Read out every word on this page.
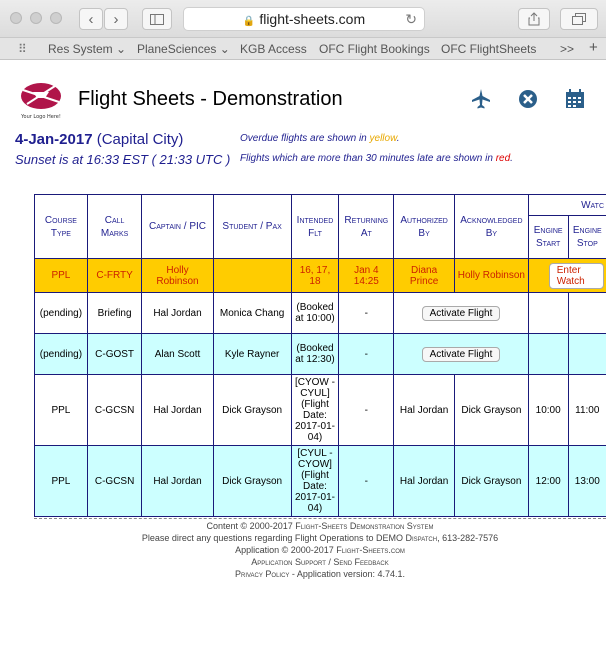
‹	›	🔒 flight-sheets.com	↻
⠿ Res System ⌄ PlaneSciences ⌄ KGB Access OFC Flight Bookings OFC FlightSheets >> +
Your Logo Here!
Flight Sheets - Demonstration
4-Jan-2017 (Capital City)
Sunset is at 16:33 EST ( 21:33 UTC )
Overdue flights are shown in yellow.
Flights which are more than 30 minutes late are shown in red.
Course Type	Call Marks	Captain / PIC	Student / Pax	Intended Flt	Returning At	Authorized By	Acknowledged By	Watc	
								Engine Start	Engine Stop
PPL	C-FRTY	Holly Robinson		16, 17, 18	Jan 4 14:25	Diana Prince	Holly Robinson	Enter Watch	
(pending)	Briefing	Hal Jordan	Monica Chang	(Booked at 10:00)	-	Activate Flight			
(pending)	C-GOST	Alan Scott	Kyle Rayner	(Booked at 12:30)	-	Activate Flight			
PPL	C-GCSN	Hal Jordan	Dick Grayson	[CYOW - CYUL] (Flight Date: 2017-01-04)	-	Hal Jordan	Dick Grayson	10:00	11:00
PPL	C-GCSN	Hal Jordan	Dick Grayson	[CYUL - CYOW] (Flight Date: 2017-01-04)	-	Hal Jordan	Dick Grayson	12:00	13:00
Content © 2000-2017 Flight-Sheets Demonstration System
Please direct any questions regarding Flight Operations to DEMO Dispatch, 613-282-7576
Application © 2000-2017 Flight-Sheets.com
Application Support / Send Feedback
Privacy Policy - Application version: 4.74.1.
